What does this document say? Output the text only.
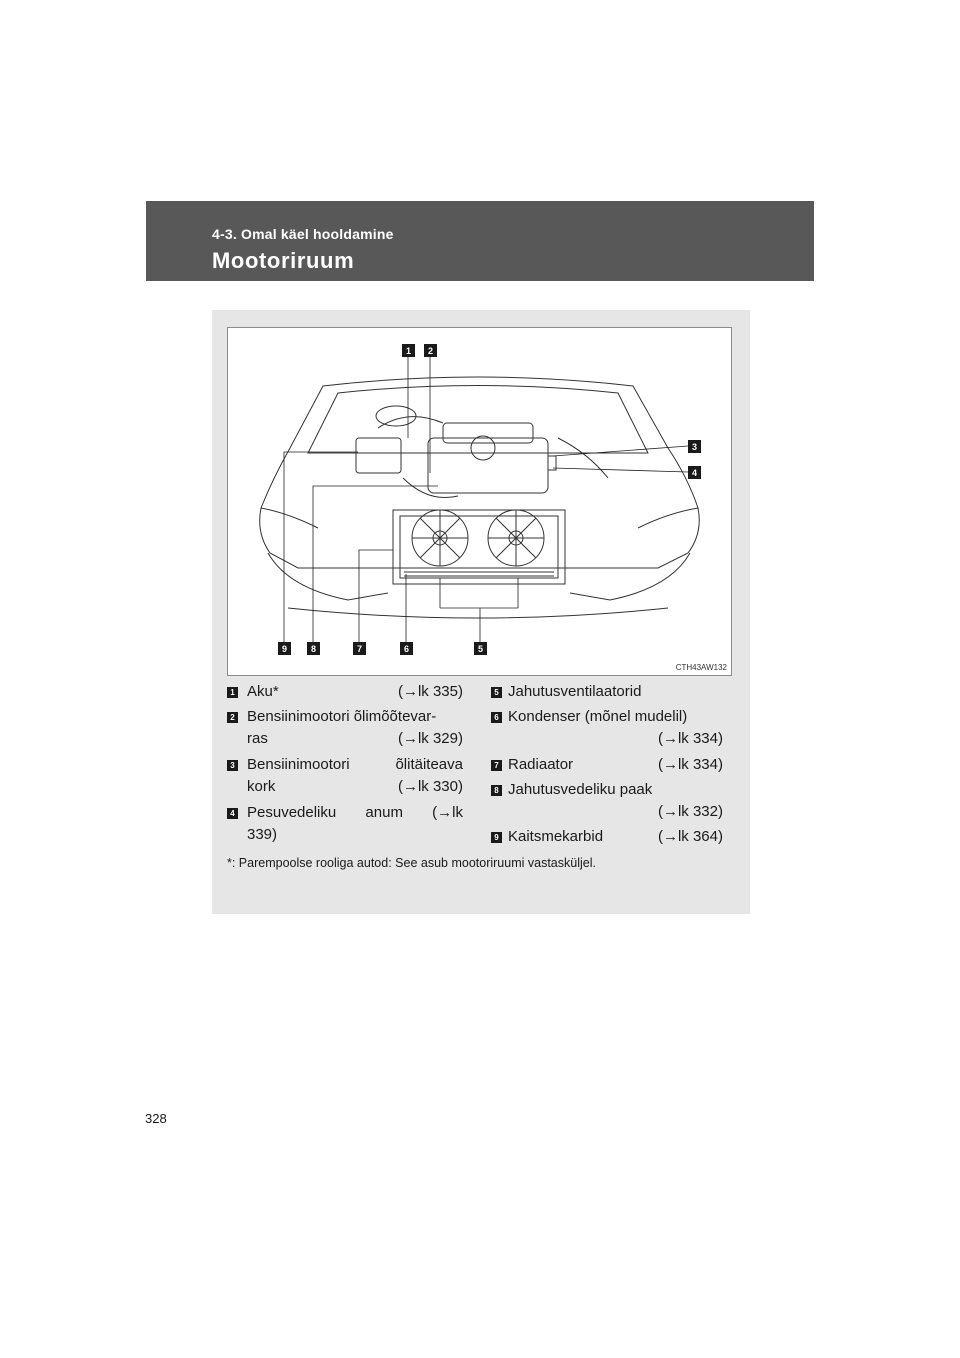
4-3. Omal käel hooldamine
Mootoriruum
1 2
3
4
5
6
7
8
9
CTH43AW132
1 Aku*	(→lk 335)
2 Bensiinimootori õlimõõtevar-
ras	(→lk 329)
3 Bensiinimootori õlitäiteava
kork	(→lk 330)
4 Pesuvedeliku anum (→lk
339)
5 Jahutusventilaatorid
6 Kondenser (mõnel mudelil)
(→lk 334)
7 Radiaator	(→lk 334)
8 Jahutusvedeliku paak
(→lk 332)
9 Kaitsmekarbid	(→lk 364)
*: Parempoolse rooliga autod: See asub mootoriruumi vastasküljel.
328
